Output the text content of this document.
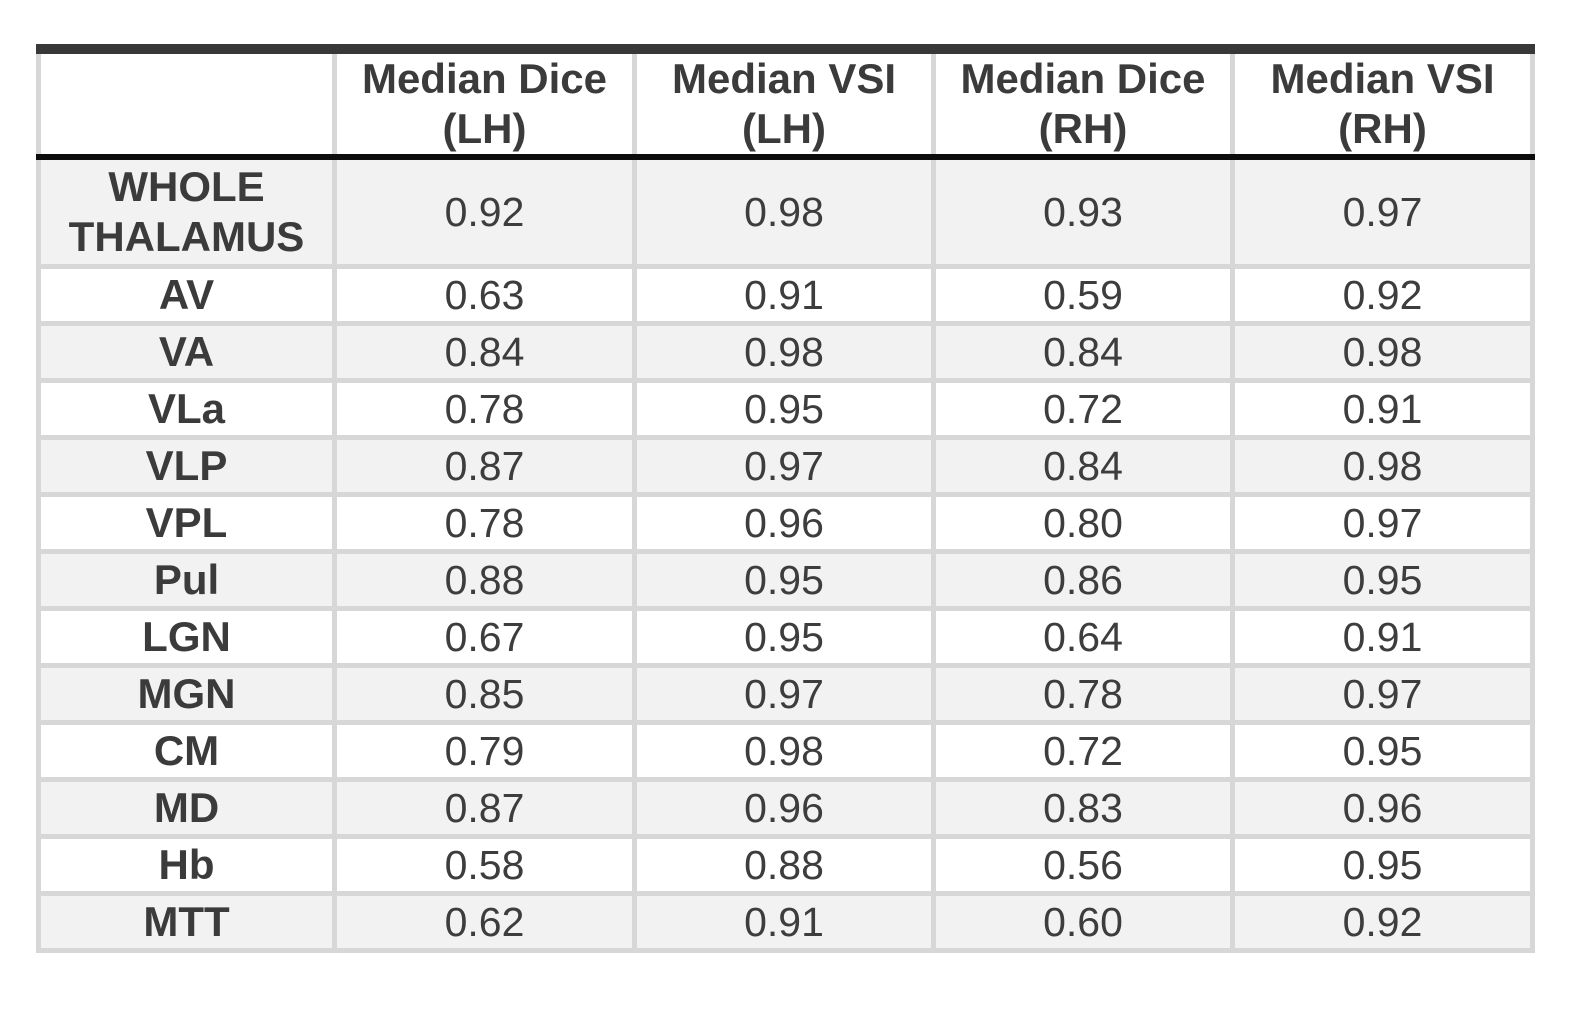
	Median Dice (LH)	Median VSI (LH)	Median Dice (RH)	Median VSI (RH)
WHOLE THALAMUS	0.92	0.98	0.93	0.97
AV	0.63	0.91	0.59	0.92
VA	0.84	0.98	0.84	0.98
VLa	0.78	0.95	0.72	0.91
VLP	0.87	0.97	0.84	0.98
VPL	0.78	0.96	0.80	0.97
Pul	0.88	0.95	0.86	0.95
LGN	0.67	0.95	0.64	0.91
MGN	0.85	0.97	0.78	0.97
CM	0.79	0.98	0.72	0.95
MD	0.87	0.96	0.83	0.96
Hb	0.58	0.88	0.56	0.95
MTT	0.62	0.91	0.60	0.92
